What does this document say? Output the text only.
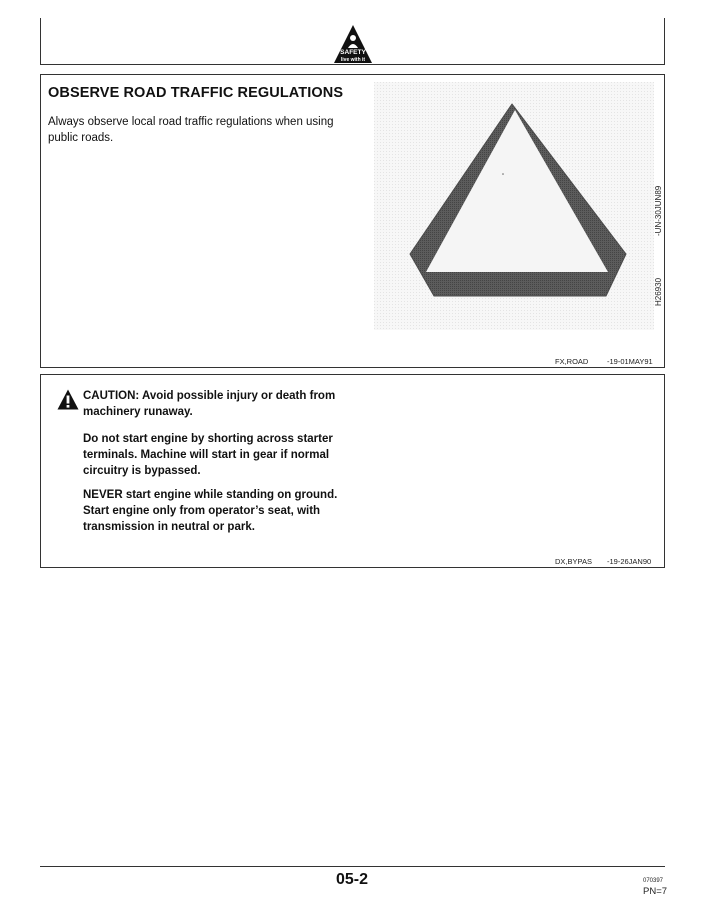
SAFETY
live with it
OBSERVE ROAD TRAFFIC REGULATIONS
Always observe local road traffic regulations when using public roads.
-UN-30JUN89
H26930
FX,ROAD -19-01MAY91
CAUTION: Avoid possible injury or death from machinery runaway.
Do not start engine by shorting across starter terminals. Machine will start in gear if normal circuitry is bypassed.
NEVER start engine while standing on ground. Start engine only from operator’s seat, with transmission in neutral or park.
DX,BYPAS -19-26JAN90
05-2	070397
PN=7
